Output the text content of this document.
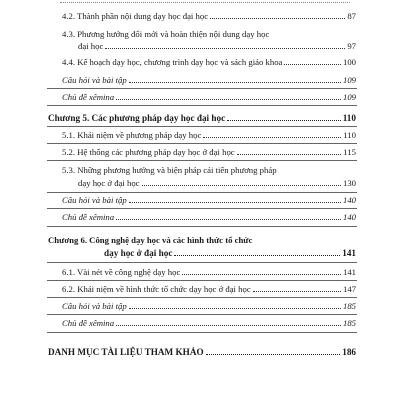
4.2. Thành phần nội dung dạy học đại học	87
4.3. Phương hướng đổi mới và hoàn thiện nội dung dạy học
đại học	97
4.4. Kế hoạch dạy học, chương trình dạy học và sách giáo khoa	100
Câu hỏi và bài tập	109
Chủ đề xêmina	109
Chương 5. Các phương pháp dạy học đại học	110
5.1. Khái niệm về phương pháp dạy học	110
5.2. Hệ thống các phương pháp dạy học ở đại học	115
5.3. Những phương hướng và biện pháp cải tiến phương pháp
dạy học ở đại học	130
Câu hỏi và bài tập	140
Chủ đề xêmina	140
Chương 6. Công nghệ dạy học và các hình thức tổ chức
dạy học ở đại học	141
6.1. Vài nét về công nghệ dạy học	141
6.2. Khái niệm về hình thức tổ chức dạy học ở đại học	147
Câu hỏi và bài tập	185
Chủ đề xêmina	185
DANH MỤC TÀI LIỆU THAM KHẢO	186
